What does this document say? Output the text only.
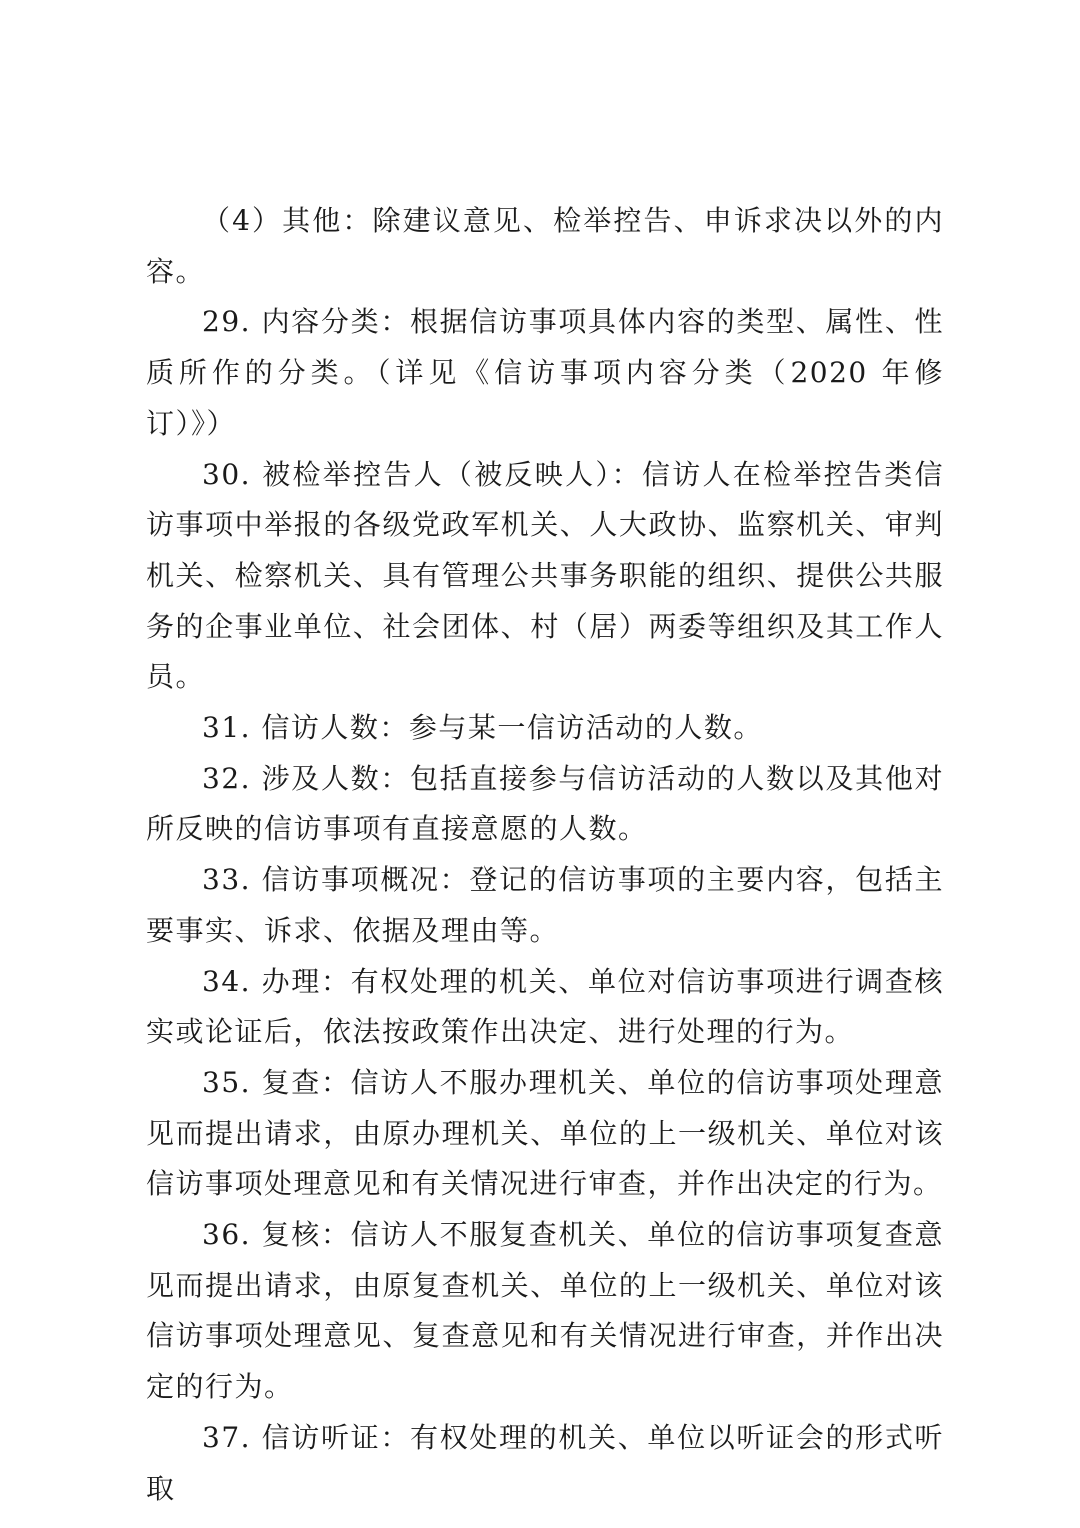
（4）其他：除建议意见、检举控告、申诉求决以外的内容。

29. 内容分类：根据信访事项具体内容的类型、属性、性质所作的分类。（详见《信访事项内容分类（2020 年修订）》）

30. 被检举控告人（被反映人）：信访人在检举控告类信访事项中举报的各级党政军机关、人大政协、监察机关、审判机关、检察机关、具有管理公共事务职能的组织、提供公共服务的企事业单位、社会团体、村（居）两委等组织及其工作人员。

31. 信访人数：参与某一信访活动的人数。

32. 涉及人数：包括直接参与信访活动的人数以及其他对所反映的信访事项有直接意愿的人数。

33. 信访事项概况：登记的信访事项的主要内容，包括主要事实、诉求、依据及理由等。

34. 办理：有权处理的机关、单位对信访事项进行调查核实或论证后，依法按政策作出决定、进行处理的行为。

35. 复查：信访人不服办理机关、单位的信访事项处理意见而提出请求，由原办理机关、单位的上一级机关、单位对该信访事项处理意见和有关情况进行审查，并作出决定的行为。

36. 复核：信访人不服复查机关、单位的信访事项复查意见而提出请求，由原复查机关、单位的上一级机关、单位对该信访事项处理意见、复查意见和有关情况进行审查，并作出决定的行为。

37. 信访听证：有权处理的机关、单位以听证会的形式听取
